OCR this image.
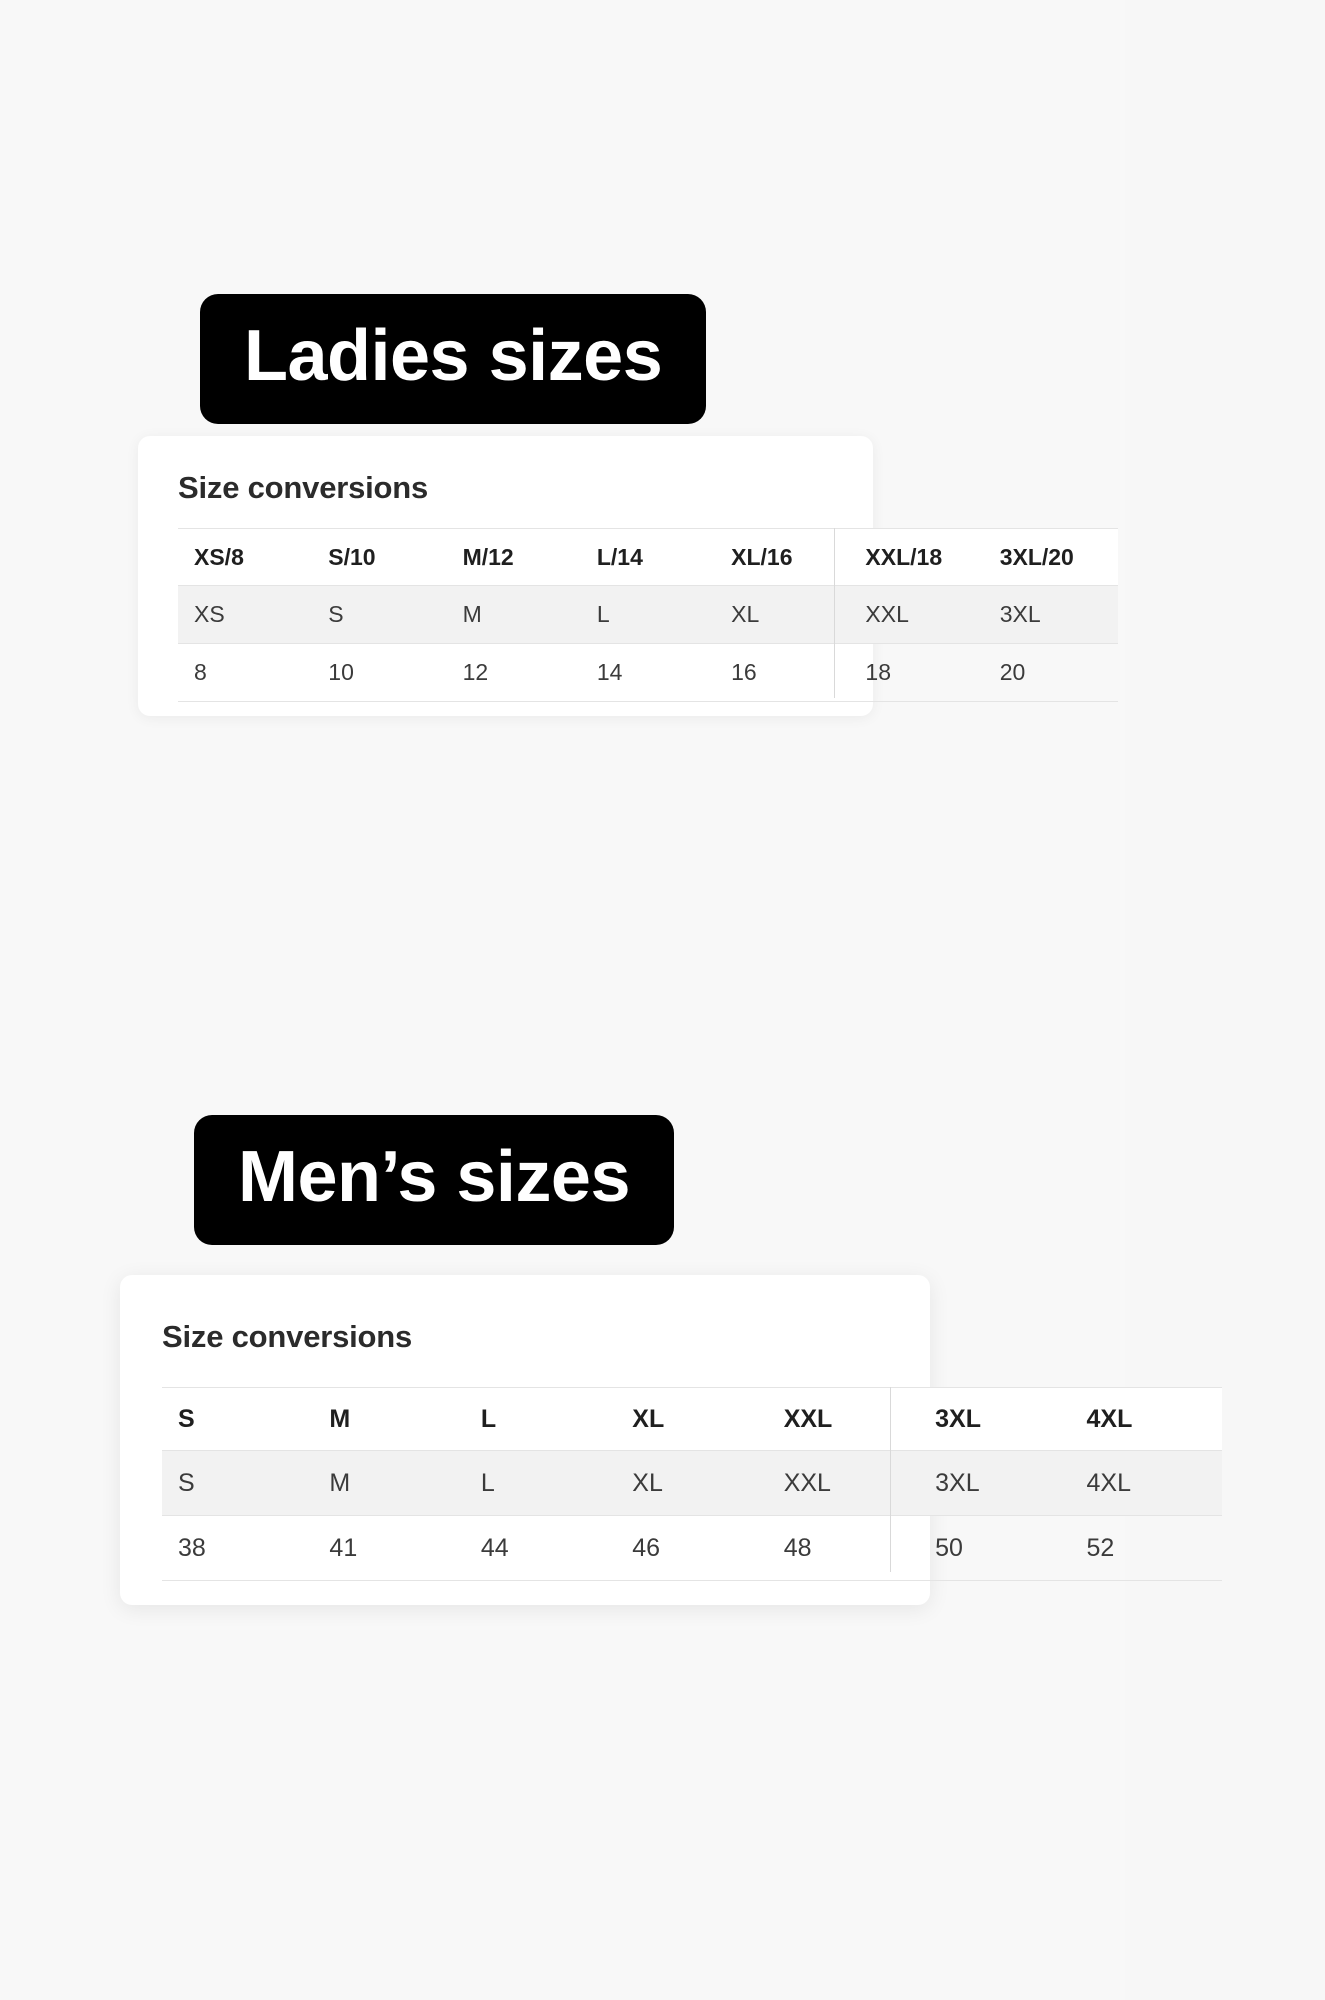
Ladies sizes
Size conversions
XS/8	S/10	M/12	L/14	XL/16	XXL/18	3XL/20
XS	S	M	L	XL	XXL	3XL
8	10	12	14	16	18	20
Men’s sizes
Size conversions
S	M	L	XL	XXL	3XL	4XL
S	M	L	XL	XXL	3XL	4XL
38	41	44	46	48	50	52
